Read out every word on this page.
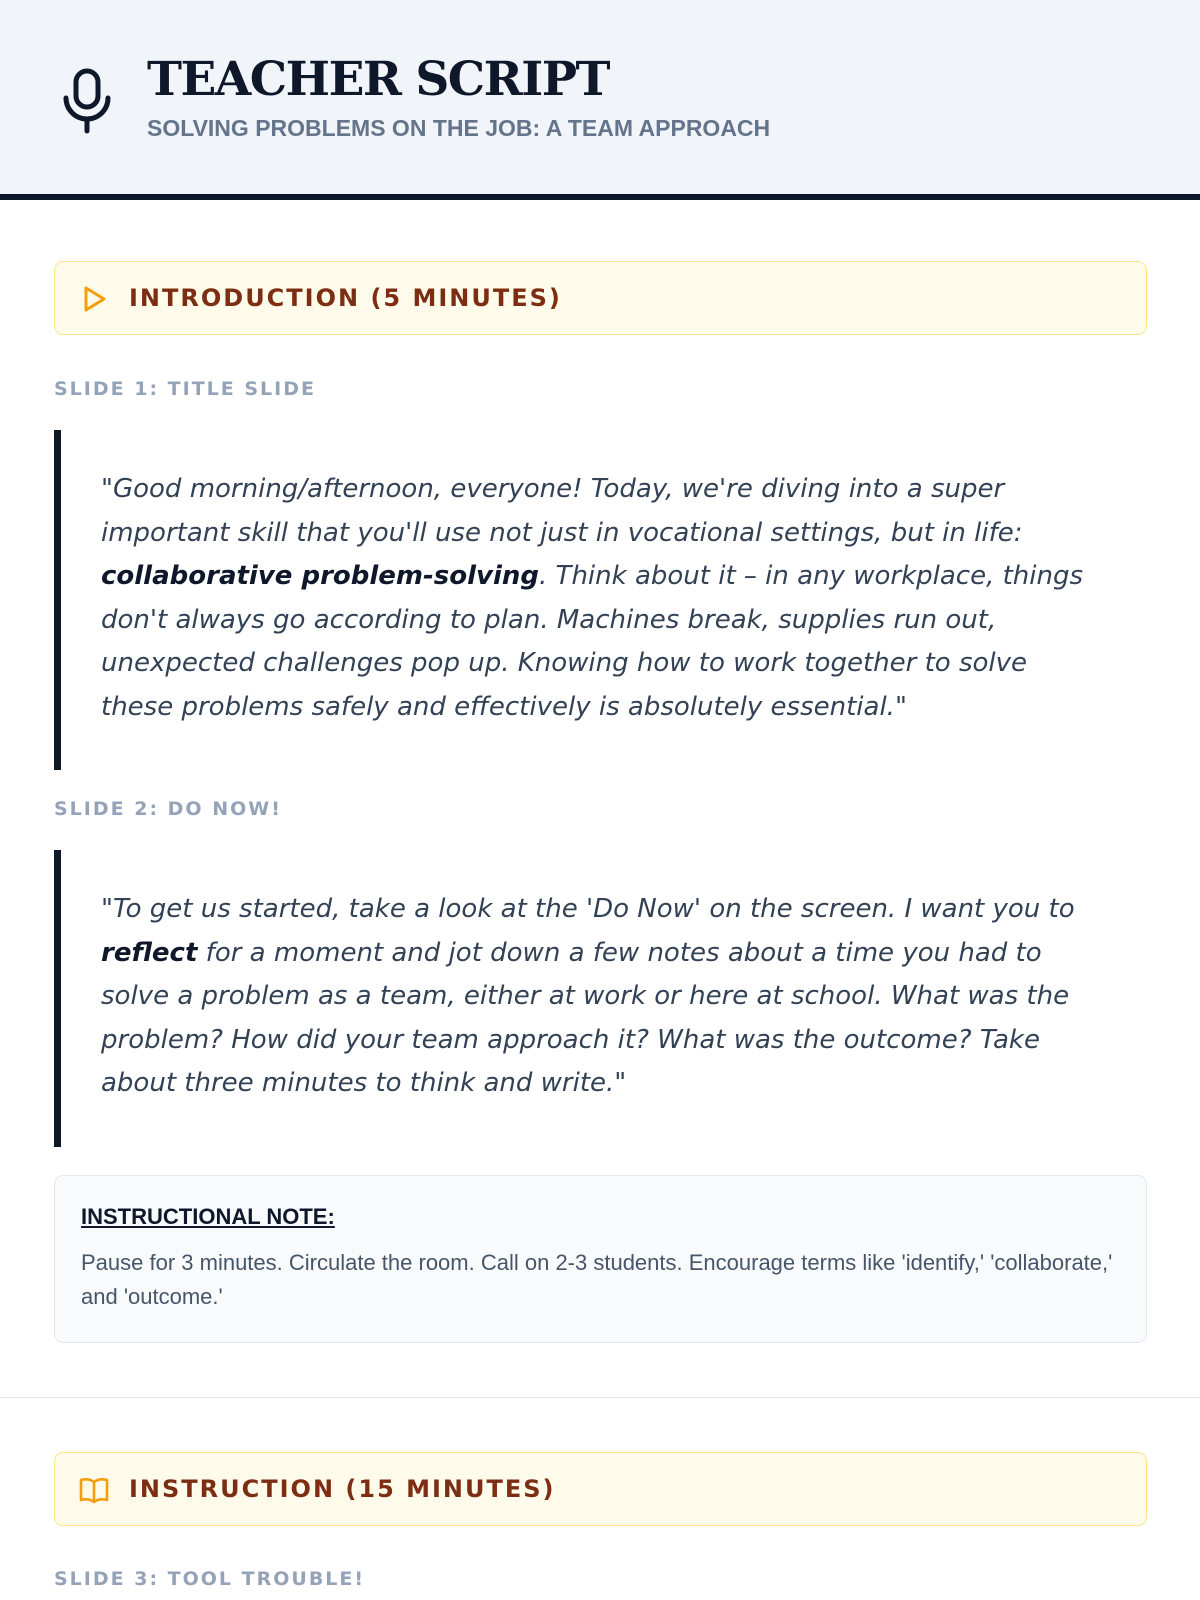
TEACHER SCRIPT
SOLVING PROBLEMS ON THE JOB: A TEAM APPROACH
INTRODUCTION (5 MINUTES)
SLIDE 1: TITLE SLIDE
"Good morning/afternoon, everyone! Today, we're diving into a super important skill that you'll use not just in vocational settings, but in life: collaborative problem-solving. Think about it – in any workplace, things don't always go according to plan. Machines break, supplies run out, unexpected challenges pop up. Knowing how to work together to solve these problems safely and effectively is absolutely essential."
SLIDE 2: DO NOW!
"To get us started, take a look at the 'Do Now' on the screen. I want you to reflect for a moment and jot down a few notes about a time you had to solve a problem as a team, either at work or here at school. What was the problem? How did your team approach it? What was the outcome? Take about three minutes to think and write."
INSTRUCTIONAL NOTE:
Pause for 3 minutes. Circulate the room. Call on 2-3 students. Encourage terms like 'identify,' 'collaborate,' and 'outcome.'
INSTRUCTION (15 MINUTES)
SLIDE 3: TOOL TROUBLE!
